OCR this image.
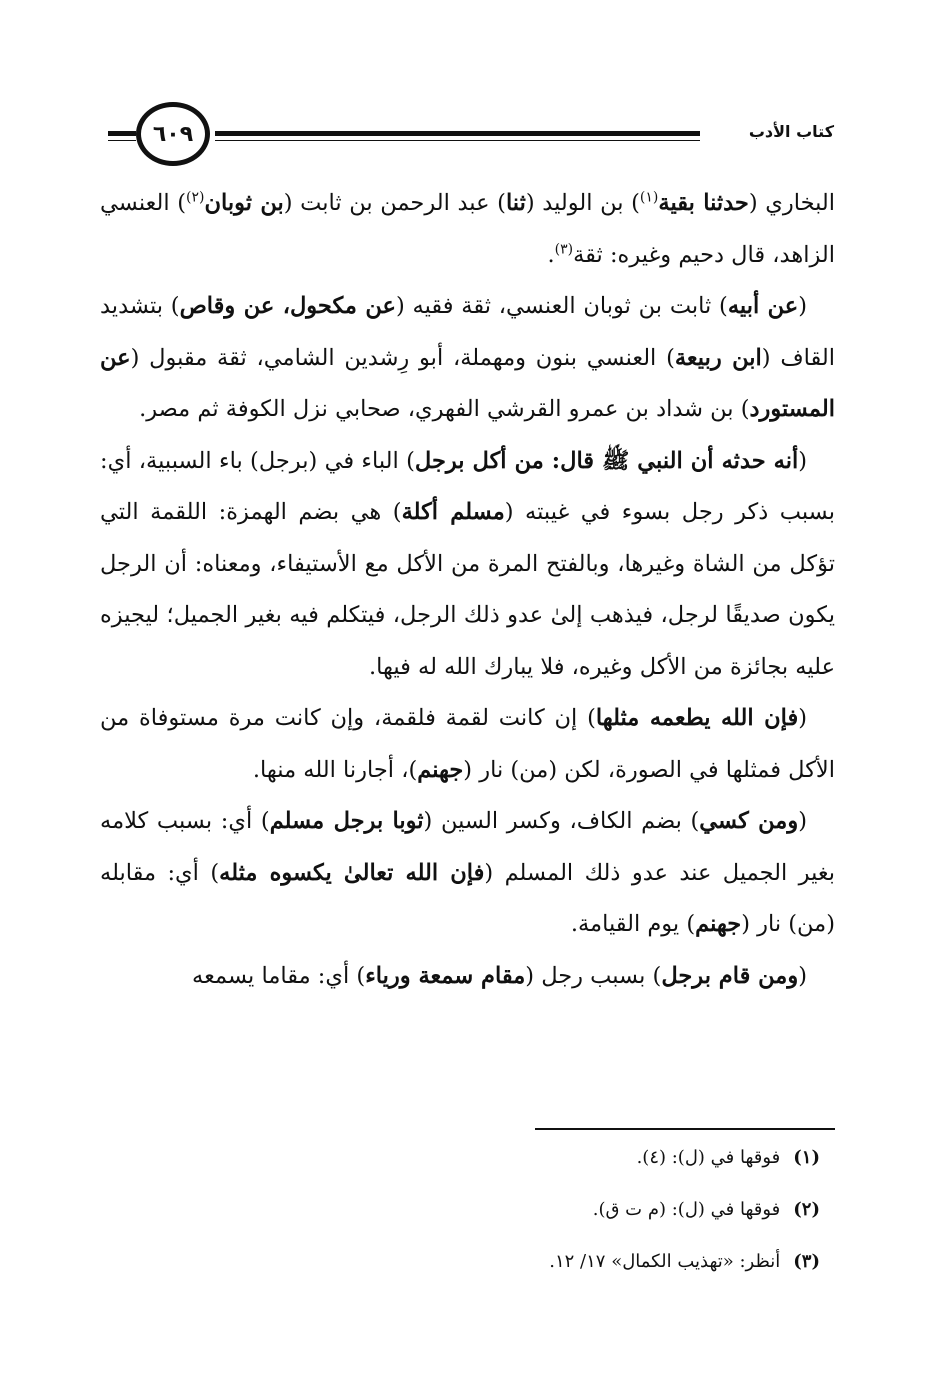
٦٠٩	كتاب الأدب

البخاري (حدثنا بقية$^{(١)}$) بن الوليد (ثنا) عبد الرحمن بن ثابت (بن ثوبان$^{(٢)}$) العنسي الزاهد، قال دحيم وغيره: ثقة$^{(٣)}$.

(عن أبيه) ثابت بن ثوبان العنسي، ثقة فقيه (عن مكحول، عن وقاص) بتشديد القاف (ابن ربيعة) العنسي بنون ومهملة، أبو رِشدين الشامي، ثقة مقبول (عن المستورد) بن شداد بن عمرو القرشي الفهري، صحابي نزل الكوفة ثم مصر.

(أنه حدثه أن النبي ﷺ قال: من أكل برجل) الباء في (برجل) باء السببية، أي: بسبب ذكر رجل بسوء في غيبته (مسلم أكلة) هي بضم الهمزة: اللقمة التي تؤكل من الشاة وغيرها، وبالفتح المرة من الأكل مع الأستيفاء، ومعناه: أن الرجل يكون صديقًا لرجل، فيذهب إلىٰ عدو ذلك الرجل، فيتكلم فيه بغير الجميل؛ ليجيزه عليه بجائزة من الأكل وغيره، فلا يبارك الله له فيها.

(فإن الله يطعمه مثلها) إن كانت لقمة فلقمة، وإن كانت مرة مستوفاة من الأكل فمثلها في الصورة، لكن (من) نار (جهنم)، أجارنا الله منها.

(ومن كسي) بضم الكاف، وكسر السين (ثوبا برجل مسلم) أي: بسبب كلامه بغير الجميل عند عدو ذلك المسلم (فإن الله تعالىٰ يكسوه مثله) أي: مقابله (من) نار (جهنم) يوم القيامة.

(ومن قام برجل) بسبب رجل (مقام سمعة ورياء) أي: مقاما يسمعه

(١) فوقها في (ل): (٤).
(٢) فوقها في (ل): (م ت ق).
(٣) أنظر: «تهذيب الكمال» ١٧/ ١٢.
